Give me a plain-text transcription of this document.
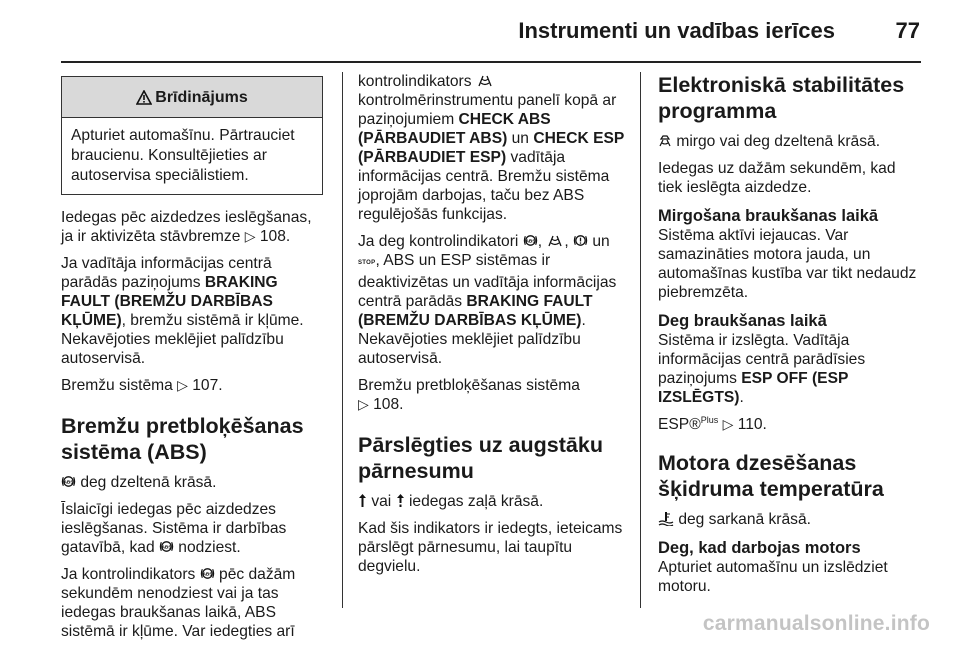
Instrumenti un vadības ierīces	77
Brīdinājums
Apturiet automašīnu. Pārtrauciet braucienu. Konsultējieties ar autoservisa speciālistiem.

Iedegas pēc aizdedzes ieslēgšanas, ja ir aktivizēta stāvbremze ▷ 108.

Ja vadītāja informācijas centrā parādās paziņojums BRAKING FAULT (BREMŽU DARBĪBAS KĻŪME), bremžu sistēmā ir kļūme. Nekavējoties meklējiet palīdzību autoservisā.

Bremžu sistēma ▷ 107.

Bremžu pretbloķēšanas sistēma (ABS)

ABS deg dzeltenā krāsā.

Īslaicīgi iedegas pēc aizdedzes ieslēgšanas. Sistēma ir darbības gatavībā, kad ABS nodziest.

Ja kontrolindikators ABS pēc dažām sekundēm nenodziest vai ja tas iedegas braukšanas laikā, ABS sistēmā ir kļūme. Var iedegties arī

kontrolindikators  kontrolmērinstrumentu panelī kopā ar paziņojumiem CHECK ABS (PĀRBAUDIET ABS) un CHECK ESP (PĀRBAUDIET ESP) vadītāja informācijas centrā. Bremžu sistēma joprojām darbojas, taču bez ABS regulējošās funkcijas.

Ja deg kontrolindikatori ABS , ,  un
STOP, ABS un ESP sistēmas ir deaktivizētas un vadītāja informācijas centrā parādās BRAKING FAULT (BREMŽU DARBĪBAS KĻŪME). Nekavējoties meklējiet palīdzību autoservisā.

Bremžu pretbloķēšanas sistēma
▷ 108.

Pārslēgties uz augstāku pārnesumu

vai  iedegas zaļā krāsā.

Kad šis indikators ir iedegts, ieteicams pārslēgt pārnesumu, lai taupītu degvielu.

Elektroniskā stabilitātes programma

mirgo vai deg dzeltenā krāsā.

Iedegas uz dažām sekundēm, kad tiek ieslēgta aizdedze.

Mirgošana braukšanas laikā

Sistēma aktīvi iejaucas. Var samazināties motora jauda, un automašīnas kustība var tikt nedaudz piebremzēta.

Deg braukšanas laikā

Sistēma ir izslēgta. Vadītāja informācijas centrā parādīsies paziņojums ESP OFF (ESP IZSLĒGTS).

ESP®$^{Plus}$ ▷ 110.

Motora dzesēšanas šķidruma temperatūra

deg sarkanā krāsā.

Deg, kad darbojas motors

Apturiet automašīnu un izslēdziet motoru.

carmanualsonline.info
